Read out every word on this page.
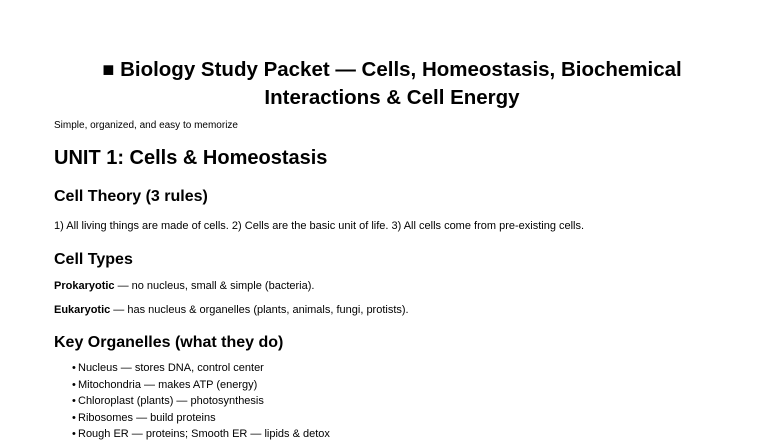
■ Biology Study Packet — Cells, Homeostasis, Biochemical
Interactions & Cell Energy
Simple, organized, and easy to memorize
UNIT 1: Cells & Homeostasis
Cell Theory (3 rules)
1) All living things are made of cells. 2) Cells are the basic unit of life. 3) All cells come from pre-existing cells.
Cell Types
Prokaryotic — no nucleus, small & simple (bacteria).
Eukaryotic — has nucleus & organelles (plants, animals, fungi, protists).
Key Organelles (what they do)
• Nucleus — stores DNA, control center
• Mitochondria — makes ATP (energy)
• Chloroplast (plants) — photosynthesis
• Ribosomes — build proteins
• Rough ER — proteins; Smooth ER — lipids & detox
